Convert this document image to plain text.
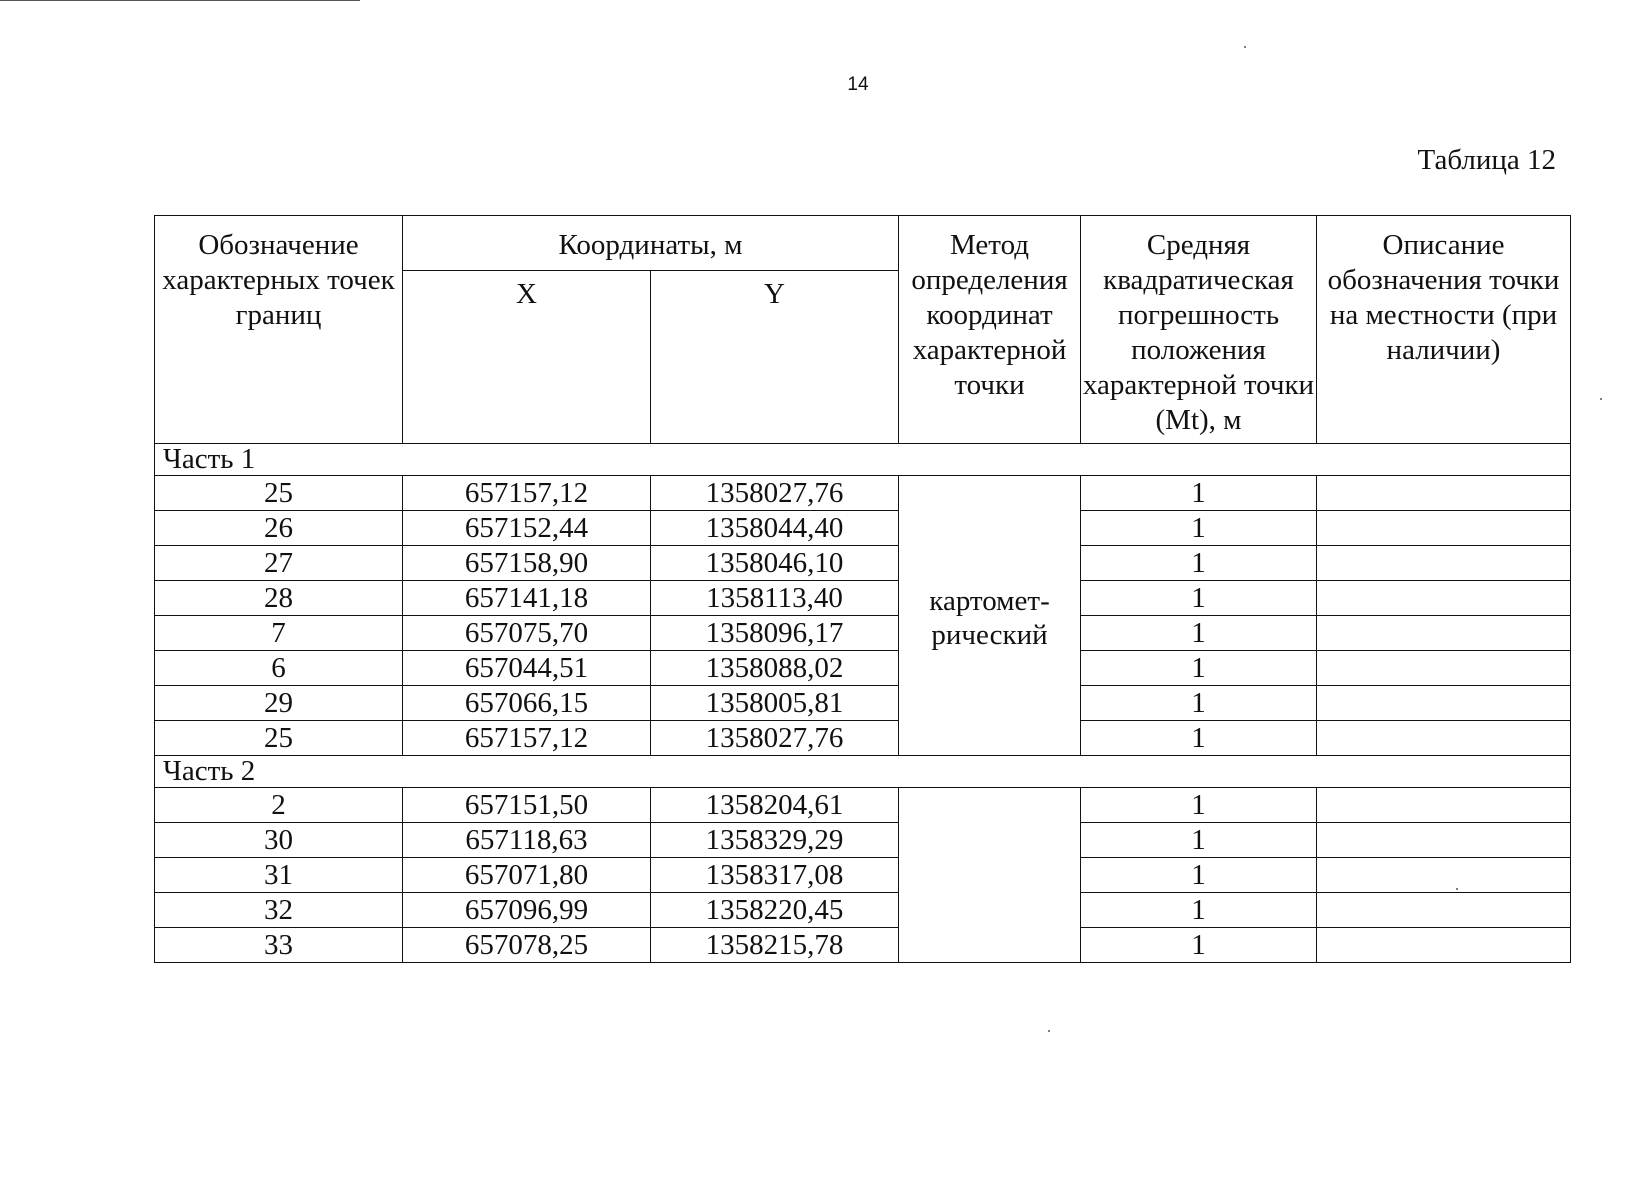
14
Таблица 12
Обозначение характерных точек границ	Координаты, м		Метод определения координат характерной точки	Средняя квадратическая погрешность положения характерной точки (Mt), м	Описание обозначения точки на местности (при наличии)
	X	Y			
Часть 1					
25	657157,12	1358027,76	картомет-рический	1	
26	657152,44	1358044,40		1	
27	657158,90	1358046,10		1	
28	657141,18	1358113,40		1	
7	657075,70	1358096,17		1	
6	657044,51	1358088,02		1	
29	657066,15	1358005,81		1	
25	657157,12	1358027,76		1	
Часть 2					
2	657151,50	1358204,61		1	
30	657118,63	1358329,29		1	
31	657071,80	1358317,08		1	
32	657096,99	1358220,45		1	
33	657078,25	1358215,78		1	
